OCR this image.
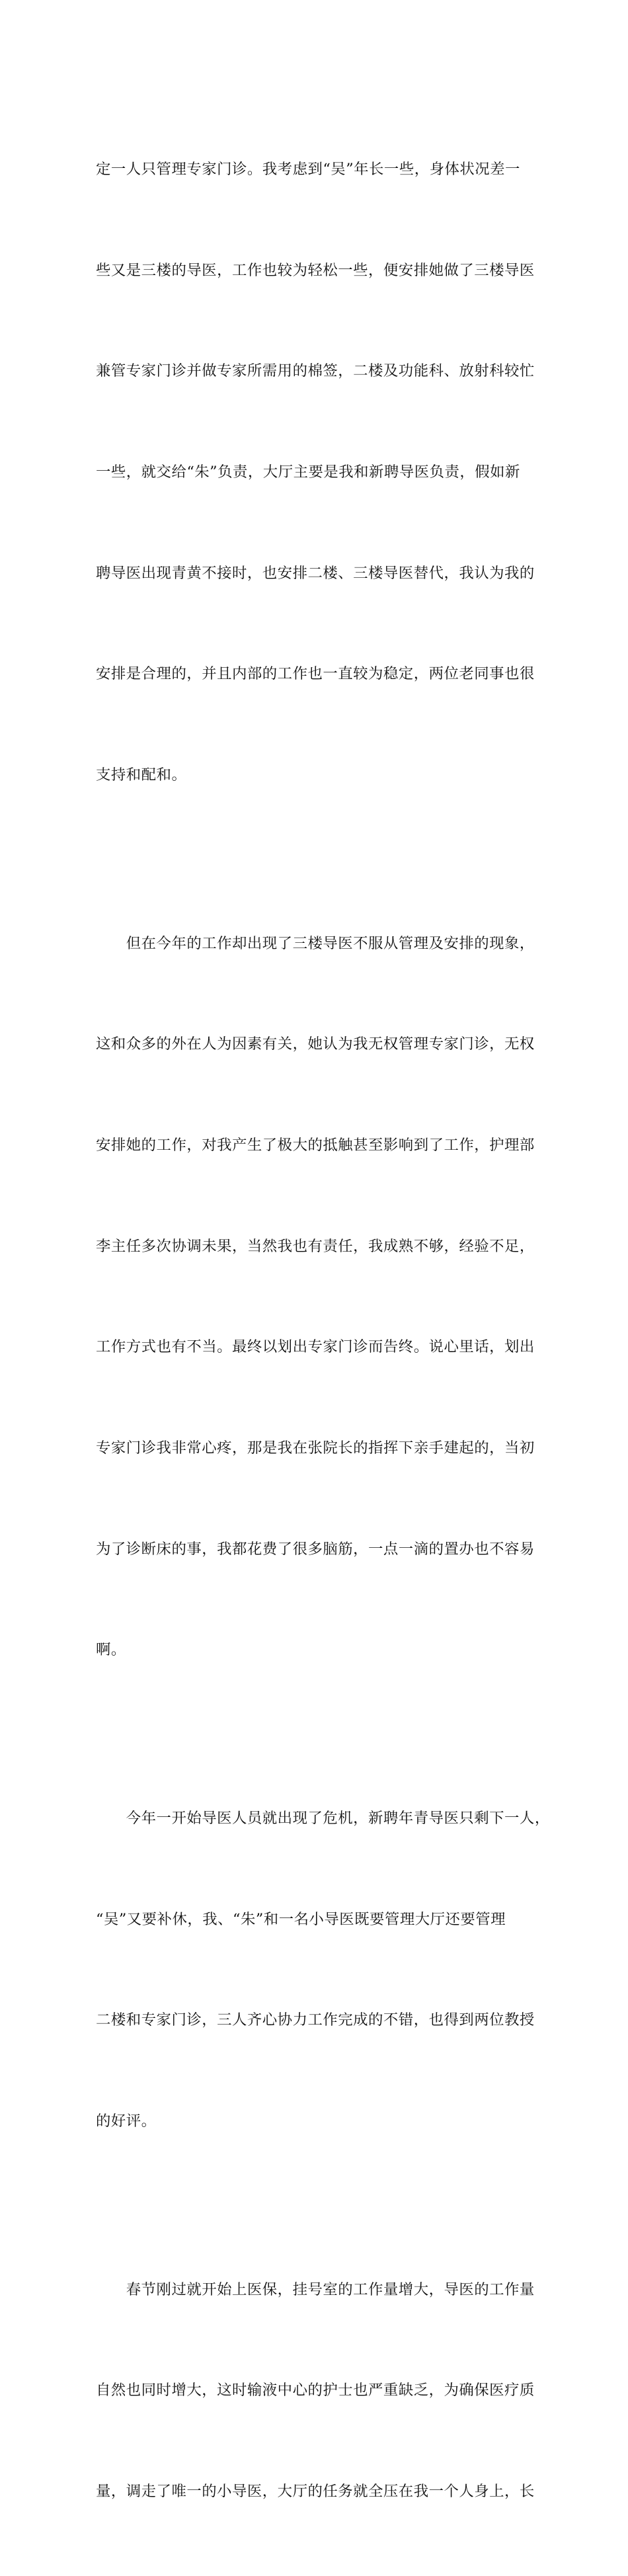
定一人只管理专家门诊。我考虑到“吴”年长一些，身体状况差一

些又是三楼的导医，工作也较为轻松一些，便安排她做了三楼导医

兼管专家门诊并做专家所需用的棉签，二楼及功能科、放射科较忙

一些，就交给“朱”负责，大厅主要是我和新聘导医负责，假如新

聘导医出现青黄不接时，也安排二楼、三楼导医替代，我认为我的

安排是合理的，并且内部的工作也一直较为稳定，两位老同事也很

支持和配和。

　　但在今年的工作却出现了三楼导医不服从管理及安排的现象，

这和众多的外在人为因素有关，她认为我无权管理专家门诊，无权

安排她的工作，对我产生了极大的抵触甚至影响到了工作，护理部

李主任多次协调未果，当然我也有责任，我成熟不够，经验不足，

工作方式也有不当。最终以划出专家门诊而告终。说心里话，划出

专家门诊我非常心疼，那是我在张院长的指挥下亲手建起的，当初

为了诊断床的事，我都花费了很多脑筋，一点一滴的置办也不容易

啊。

　　今年一开始导医人员就出现了危机，新聘年青导医只剩下一人，

“吴”又要补休，我、“朱”和一名小导医既要管理大厅还要管理

二楼和专家门诊，三人齐心协力工作完成的不错，也得到两位教授

的好评。

　　春节刚过就开始上医保，挂号室的工作量增大，导医的工作量

自然也同时增大，这时输液中心的护士也严重缺乏，为确保医疗质

量，调走了唯一的小导医，大厅的任务就全压在我一个人身上，长
